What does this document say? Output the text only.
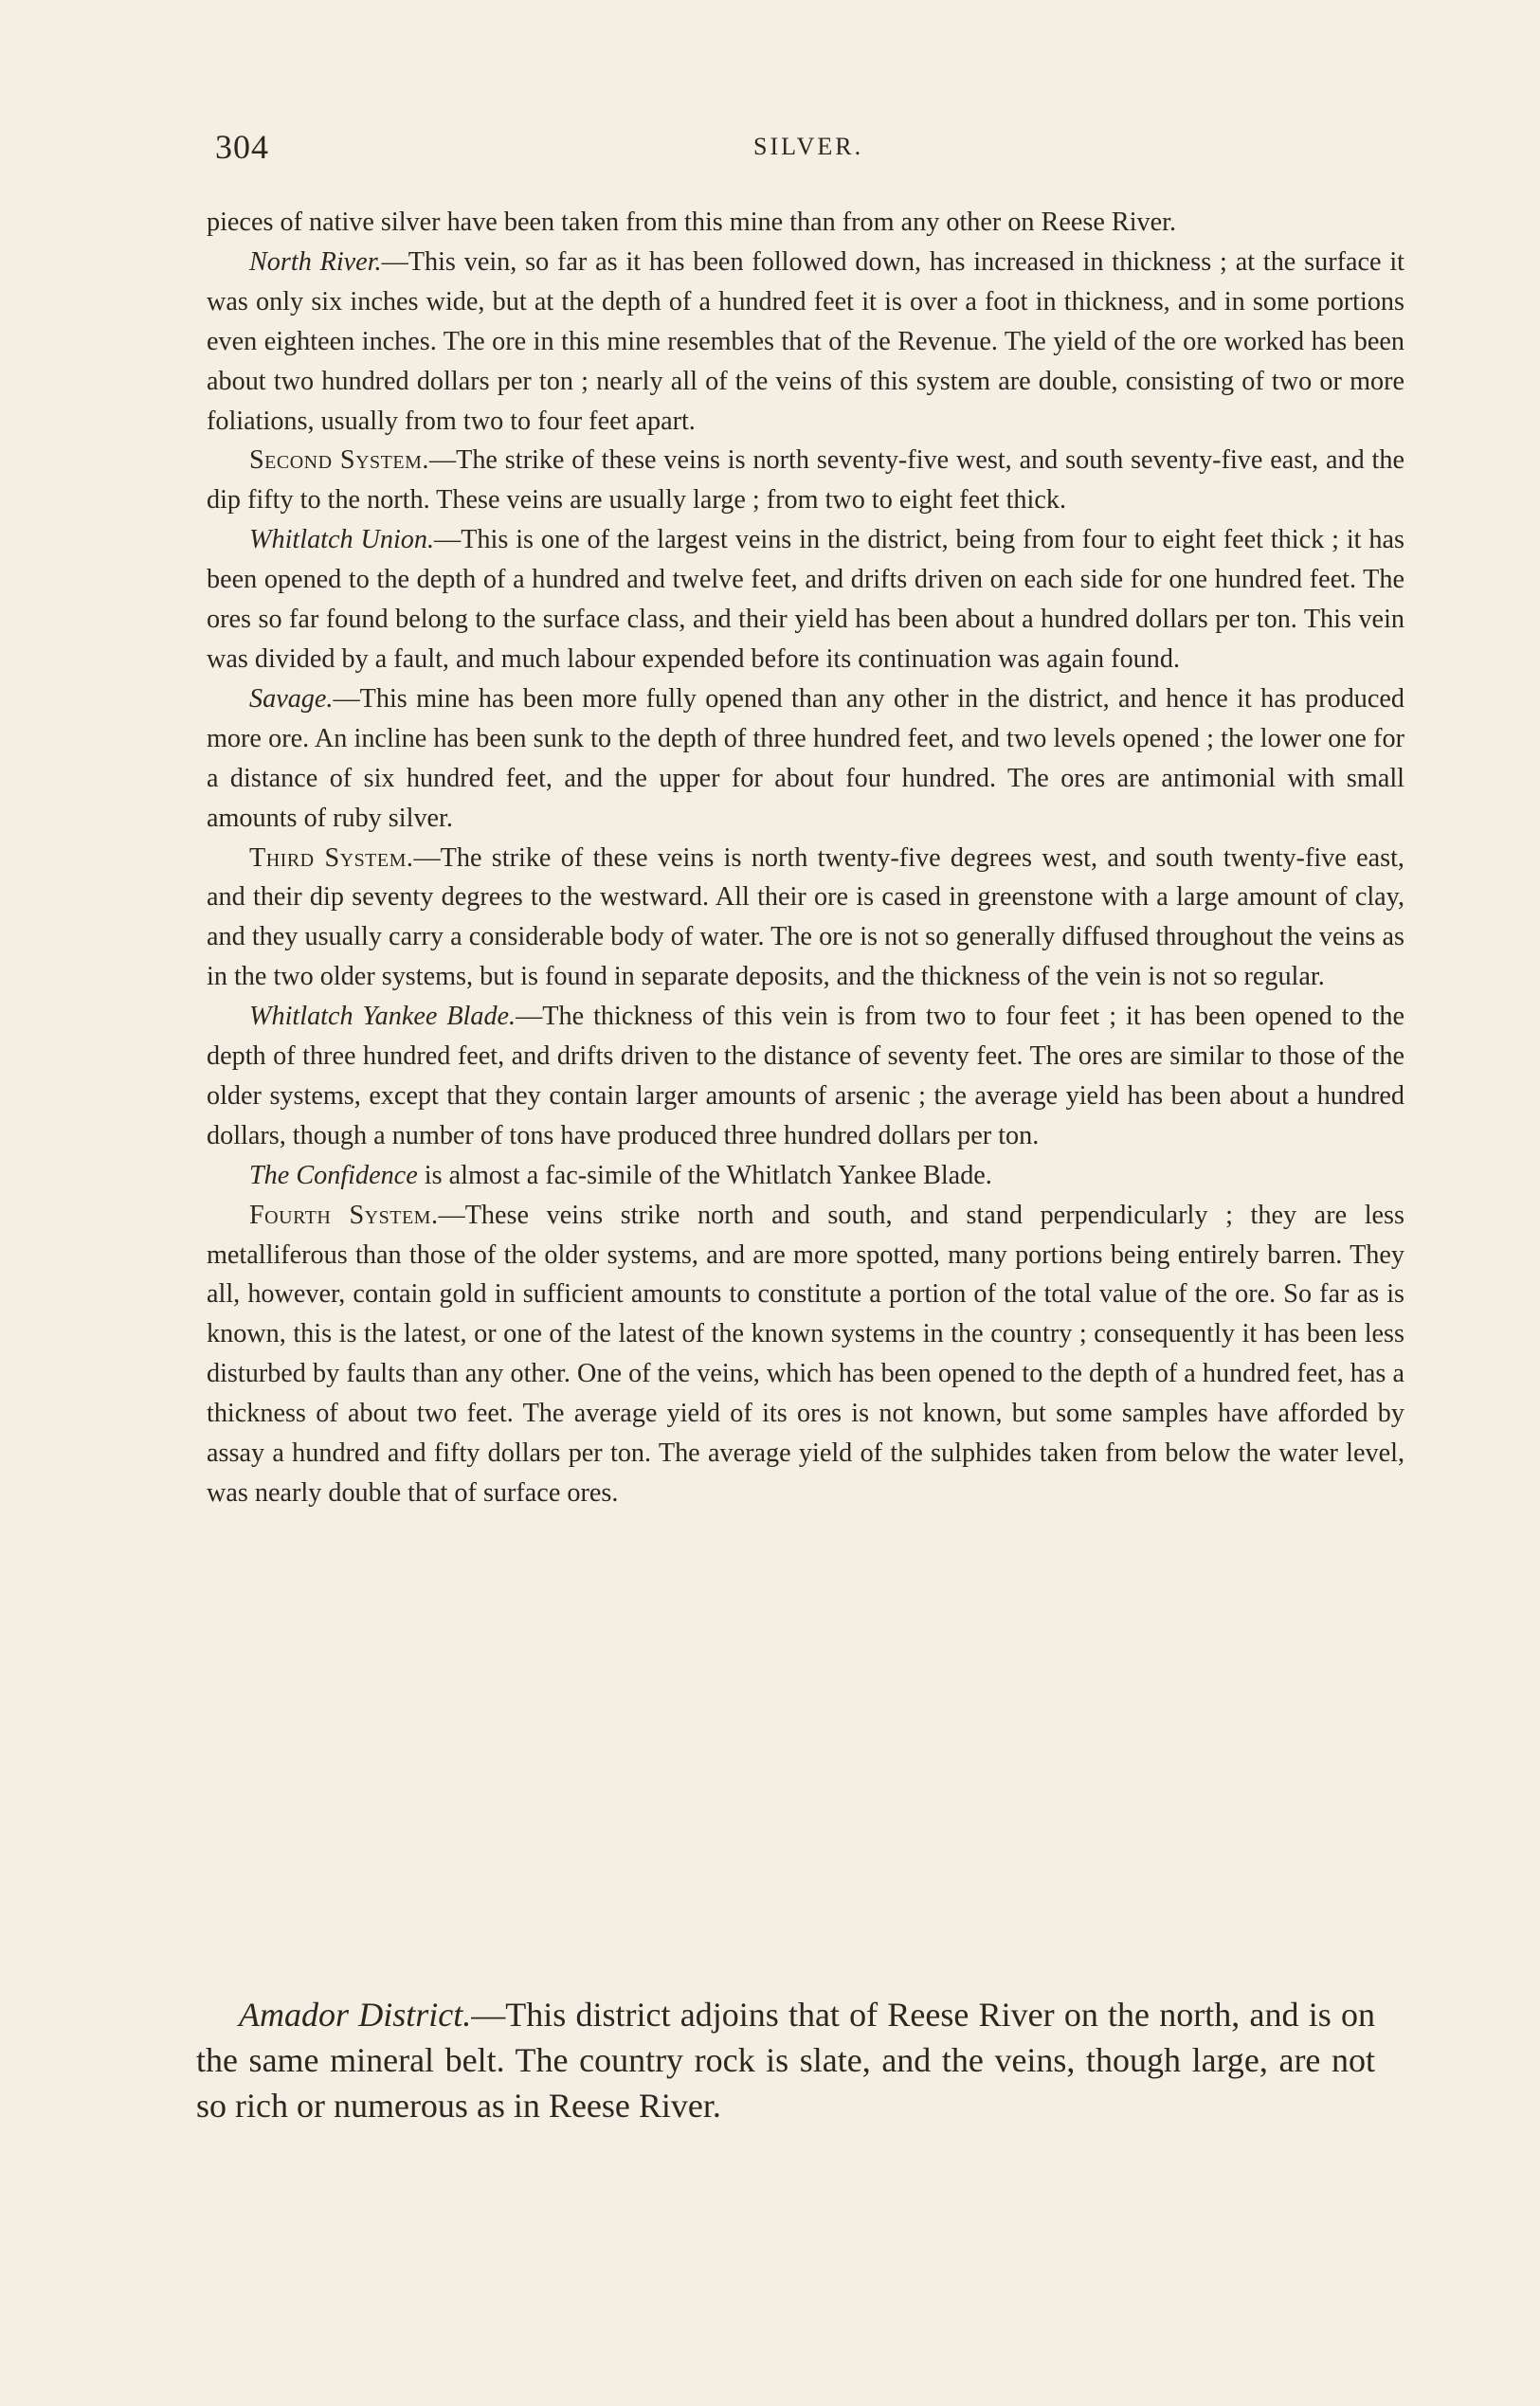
304	SILVER.

pieces of native silver have been taken from this mine than from any other on Reese River.

North River.—This vein, so far as it has been followed down, has increased in thickness ; at the surface it was only six inches wide, but at the depth of a hundred feet it is over a foot in thickness, and in some portions even eighteen inches. The ore in this mine resembles that of the Revenue. The yield of the ore worked has been about two hundred dollars per ton ; nearly all of the veins of this system are double, consisting of two or more foliations, usually from two to four feet apart.

Second System.—The strike of these veins is north seventy-five west, and south seventy-five east, and the dip fifty to the north. These veins are usually large ; from two to eight feet thick.

Whitlatch Union.—This is one of the largest veins in the district, being from four to eight feet thick ; it has been opened to the depth of a hundred and twelve feet, and drifts driven on each side for one hundred feet. The ores so far found belong to the surface class, and their yield has been about a hundred dollars per ton. This vein was divided by a fault, and much labour expended before its continuation was again found.

Savage.—This mine has been more fully opened than any other in the district, and hence it has produced more ore. An incline has been sunk to the depth of three hundred feet, and two levels opened ; the lower one for a distance of six hundred feet, and the upper for about four hundred. The ores are antimonial with small amounts of ruby silver.

Third System.—The strike of these veins is north twenty-five degrees west, and south twenty-five east, and their dip seventy degrees to the westward. All their ore is cased in greenstone with a large amount of clay, and they usually carry a considerable body of water. The ore is not so generally diffused throughout the veins as in the two older systems, but is found in separate deposits, and the thickness of the vein is not so regular.

Whitlatch Yankee Blade.—The thickness of this vein is from two to four feet ; it has been opened to the depth of three hundred feet, and drifts driven to the distance of seventy feet. The ores are similar to those of the older systems, except that they contain larger amounts of arsenic ; the average yield has been about a hundred dollars, though a number of tons have produced three hundred dollars per ton.

The Confidence is almost a fac-simile of the Whitlatch Yankee Blade.

Fourth System.—These veins strike north and south, and stand perpendicularly ; they are less metalliferous than those of the older systems, and are more spotted, many portions being entirely barren. They all, however, contain gold in sufficient amounts to constitute a portion of the total value of the ore. So far as is known, this is the latest, or one of the latest of the known systems in the country ; consequently it has been less disturbed by faults than any other. One of the veins, which has been opened to the depth of a hundred feet, has a thickness of about two feet. The average yield of its ores is not known, but some samples have afforded by assay a hundred and fifty dollars per ton. The average yield of the sulphides taken from below the water level, was nearly double that of surface ores.

Amador District.—This district adjoins that of Reese River on the north, and is on the same mineral belt. The country rock is slate, and the veins, though large, are not so rich or numerous as in Reese River.
